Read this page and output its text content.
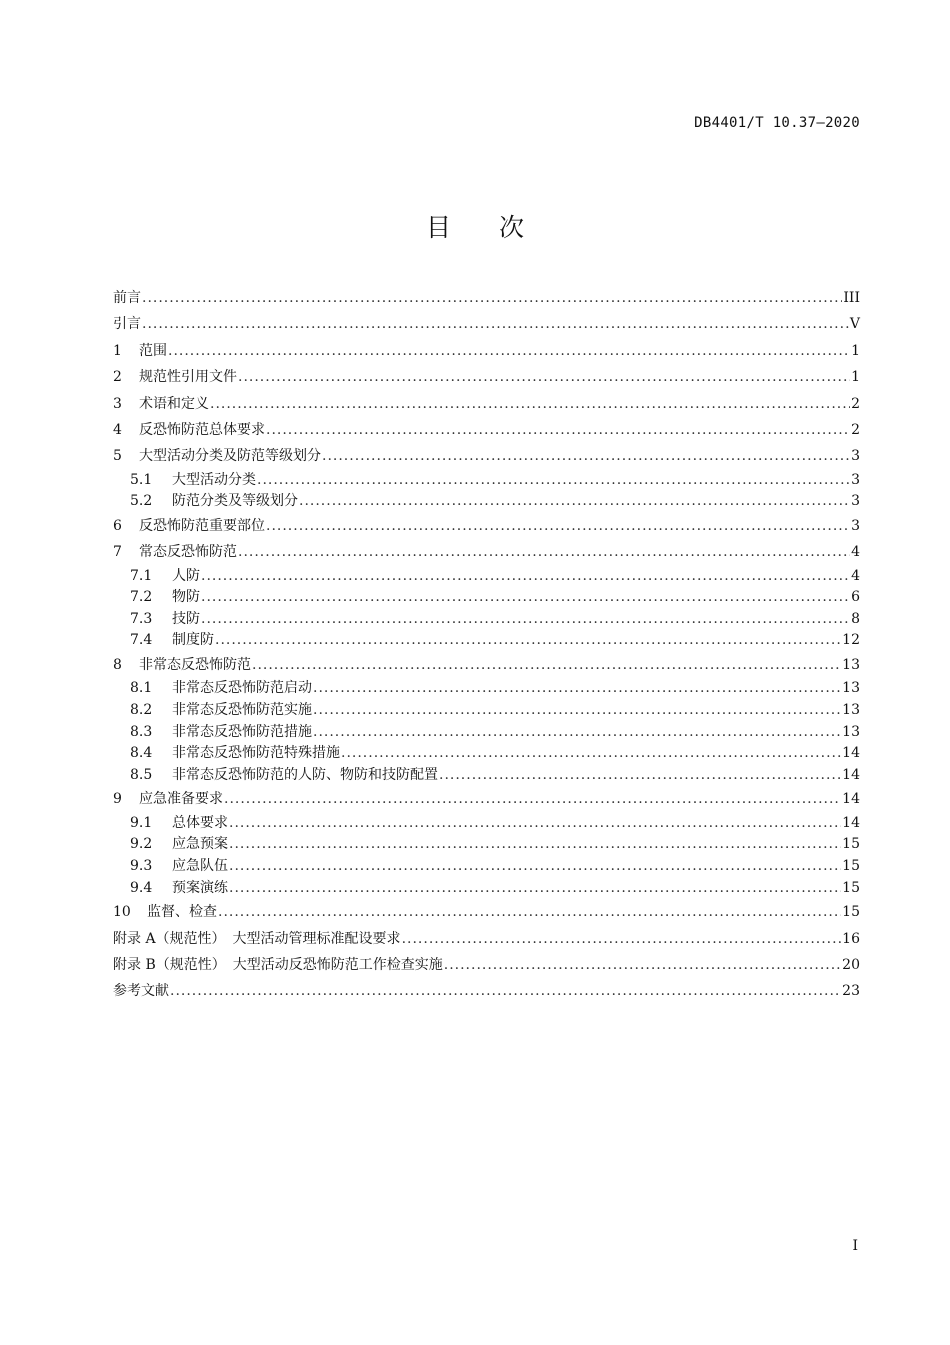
DB4401/T 10.37—2020
目次
前言 .....	III
引言 .....	V
1	范围 .....	1
2	规范性引用文件 .....	1
3	术语和定义 .....	2
4	反恐怖防范总体要求 .....	2
5	大型活动分类及防范等级划分 .....	3
5.1	大型活动分类 .....	3
5.2	防范分类及等级划分 .....	3
6	反恐怖防范重要部位 .....	3
7	常态反恐怖防范 .....	4
7.1	人防 .....	4
7.2	物防 .....	6
7.3	技防 .....	8
7.4	制度防 .....	12
8	非常态反恐怖防范 .....	13
8.1	非常态反恐怖防范启动 .....	13
8.2	非常态反恐怖防范实施 .....	13
8.3	非常态反恐怖防范措施 .....	13
8.4	非常态反恐怖防范特殊措施 .....	14
8.5	非常态反恐怖防范的人防、物防和技防配置 .....	14
9	应急准备要求 .....	14
9.1	总体要求 .....	14
9.2	应急预案 .....	15
9.3	应急队伍 .....	15
9.4	预案演练 .....	15
10	监督、检查 .....	15
附录 A（规范性）　大型活动管理标准配设要求 .....	16
附录 B（规范性）　大型活动反恐怖防范工作检查实施 .....	20
参考文献 .....	23
I
